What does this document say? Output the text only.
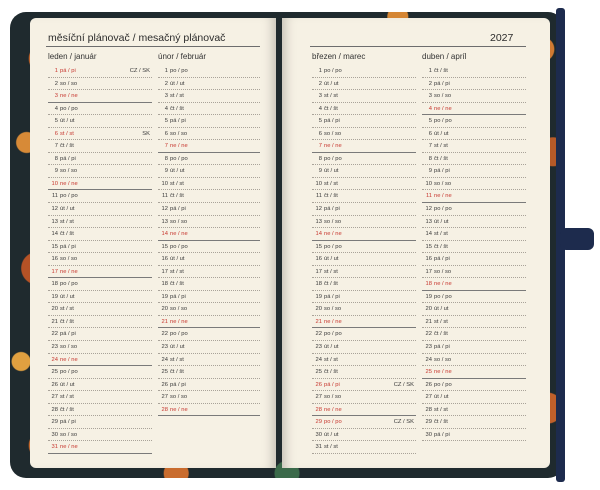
měsíční plánovač / mesačný plánovač	2027
leden / január
1 pá / pi	CZ / SK
2 so / so
3 ne / ne
4 po / po
5 út / ut
6 st / st	SK
7 čt / št
8 pá / pi
9 so / so
10 ne / ne
11 po / po
12 út / ut
13 st / st
14 čt / št
15 pá / pi
16 so / so
17 ne / ne
18 po / po
19 út / ut
20 st / st
21 čt / št
22 pá / pi
23 so / so
24 ne / ne
25 po / po
26 út / ut
27 st / st
28 čt / št
29 pá / pi
30 so / so
31 ne / ne
únor / február
1 po / po
2 út / ut
3 st / st
4 čt / št
5 pá / pi
6 so / so
7 ne / ne
8 po / po
9 út / ut
10 st / st
11 čt / št
12 pá / pi
13 so / so
14 ne / ne
15 po / po
16 út / ut
17 st / st
18 čt / št
19 pá / pi
20 so / so
21 ne / ne
22 po / po
23 út / ut
24 st / st
25 čt / št
26 pá / pi
27 so / so
28 ne / ne
březen / marec
1 po / po
2 út / ut
3 st / st
4 čt / št
5 pá / pi
6 so / so
7 ne / ne
8 po / po
9 út / ut
10 st / st
11 čt / št
12 pá / pi
13 so / so
14 ne / ne
15 po / po
16 út / ut
17 st / st
18 čt / št
19 pá / pi
20 so / so
21 ne / ne
22 po / po
23 út / ut
24 st / st
25 čt / št
26 pá / pi	CZ / SK
27 so / so
28 ne / ne
29 po / po	CZ / SK
30 út / ut
31 st / st
duben / apríl
1 čt / št
2 pá / pi
3 so / so
4 ne / ne
5 po / po
6 út / ut
7 st / st
8 čt / št
9 pá / pi
10 so / so
11 ne / ne
12 po / po
13 út / ut
14 st / st
15 čt / št
16 pá / pi
17 so / so
18 ne / ne
19 po / po
20 út / ut
21 st / st
22 čt / št
23 pá / pi
24 so / so
25 ne / ne
26 po / po
27 út / ut
28 st / st
29 čt / št
30 pá / pi
